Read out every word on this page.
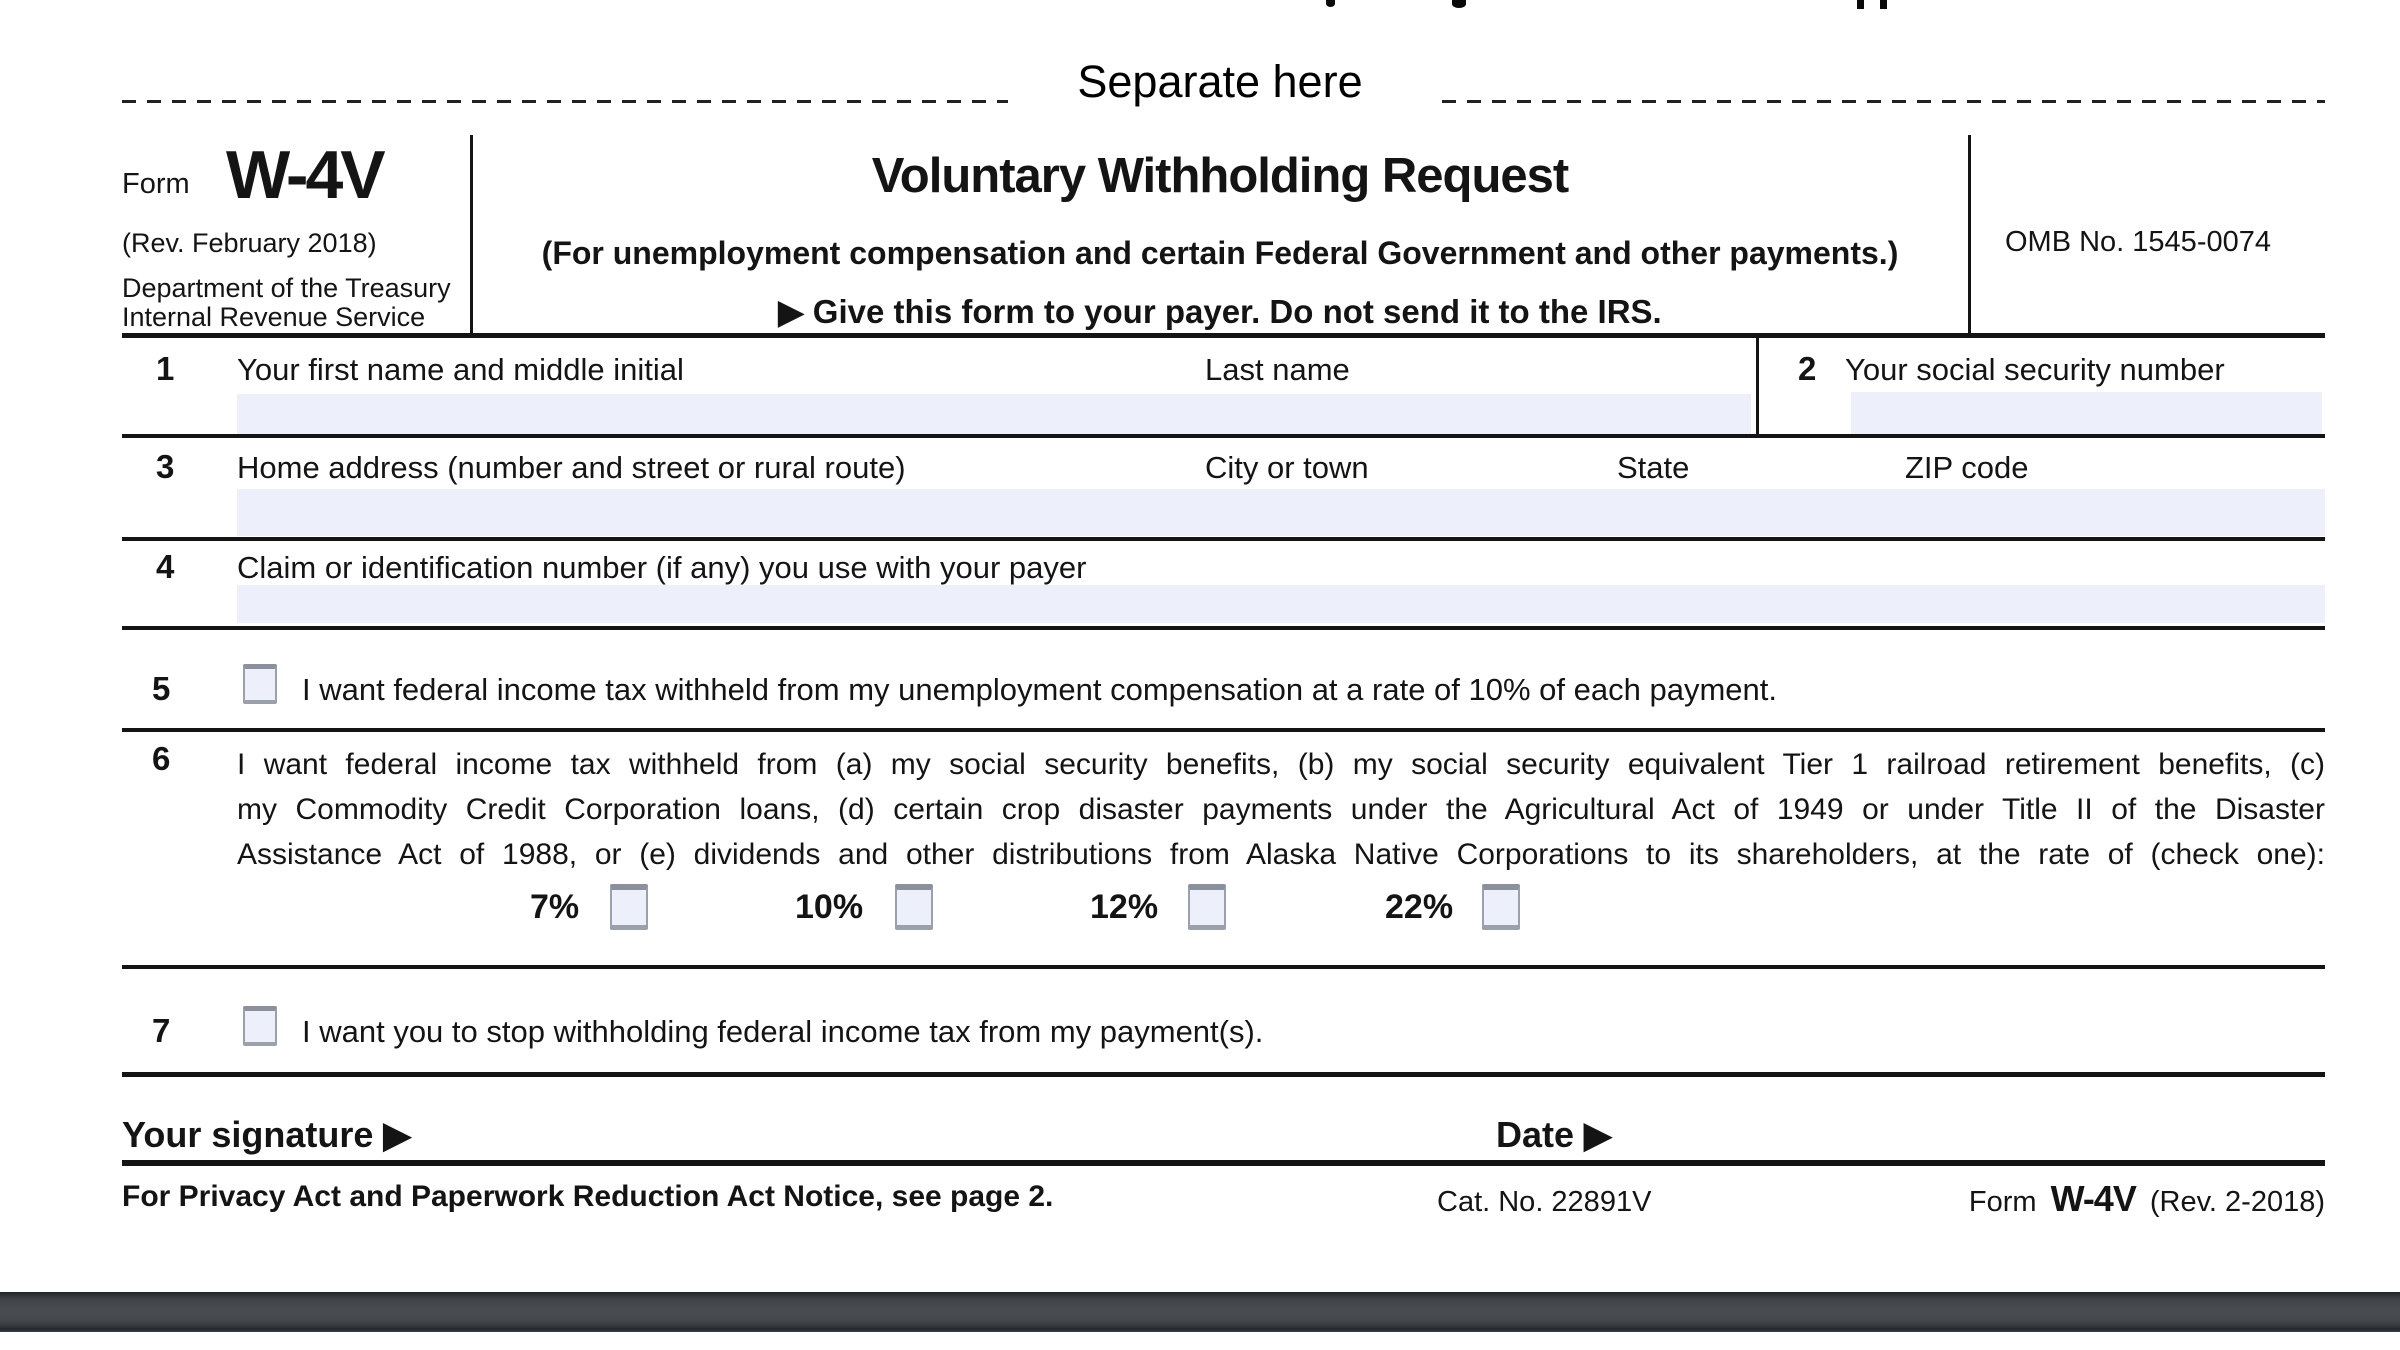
Separate here
Form W-4V
(Rev. February 2018)
Department of the Treasury
Internal Revenue Service
Voluntary Withholding Request
(For unemployment compensation and certain Federal Government and other payments.)
▶ Give this form to your payer. Do not send it to the IRS.
OMB No. 1545-0074
1 Your first name and middle initial	Last name	2 Your social security number
3 Home address (number and street or rural route)	City or town	State	ZIP code
4 Claim or identification number (if any) you use with your payer
5	I want federal income tax withheld from my unemployment compensation at a rate of 10% of each payment.
6 I want federal income tax withheld from (a) my social security benefits, (b) my social security equivalent Tier 1 railroad retirement benefits, (c)
my Commodity Credit Corporation loans, (d) certain crop disaster payments under the Agricultural Act of 1949 or under Title II of the Disaster
Assistance Act of 1988, or (e) dividends and other distributions from Alaska Native Corporations to its shareholders, at the rate of (check one):
7%	10%	12%	22%
7	I want you to stop withholding federal income tax from my payment(s).
Your signature ▶	Date ▶
For Privacy Act and Paperwork Reduction Act Notice, see page 2.	Cat. No. 22891V	Form W-4V (Rev. 2-2018)
